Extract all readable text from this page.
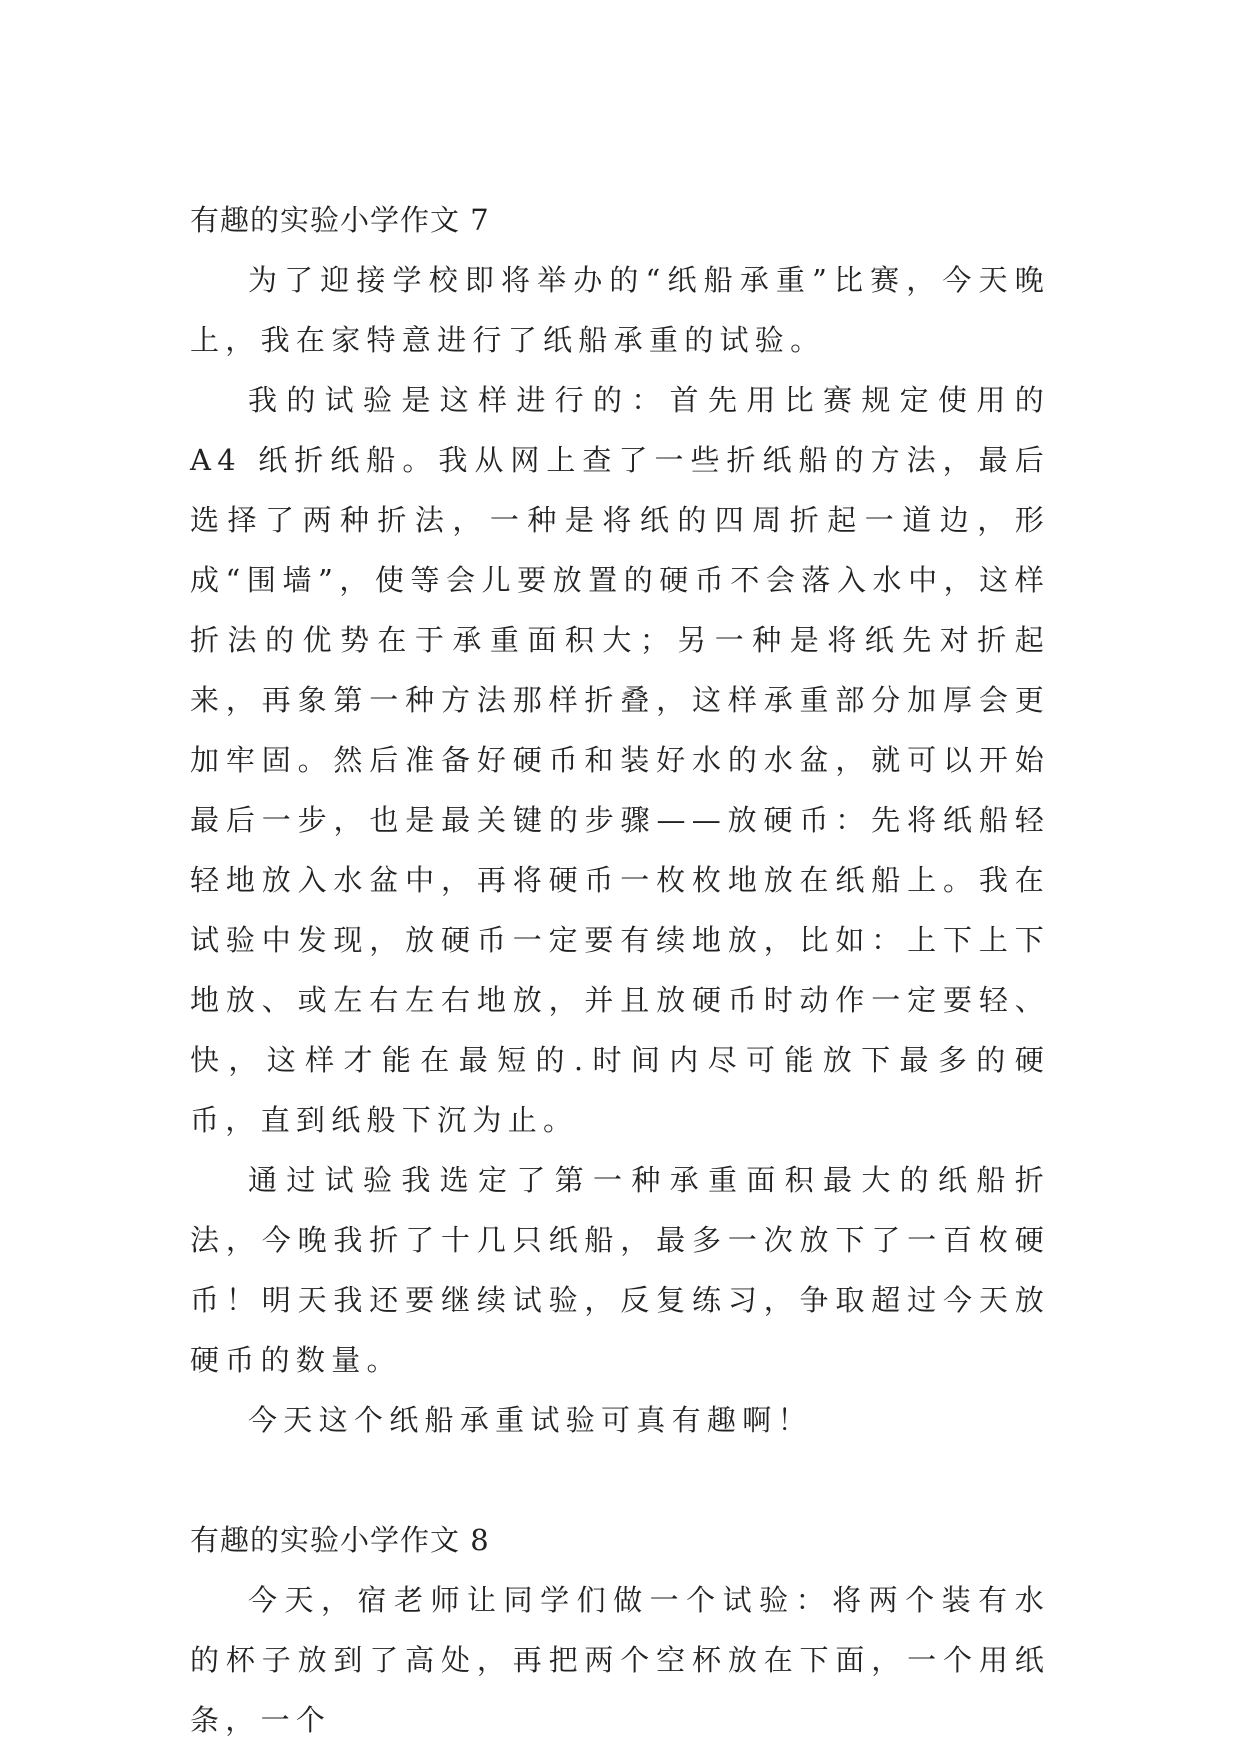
有趣的实验小学作文 7

为了迎接学校即将举办的“纸船承重”比赛，今天晚上，我在家特意进行了纸船承重的试验。

我的试验是这样进行的：首先用比赛规定使用的 A4 纸折纸船。我从网上查了一些折纸船的方法，最后选择了两种折法，一种是将纸的四周折起一道边，形成“围墙”，使等会儿要放置的硬币不会落入水中，这样折法的优势在于承重面积大；另一种是将纸先对折起来，再象第一种方法那样折叠，这样承重部分加厚会更加牢固。然后准备好硬币和装好水的水盆，就可以开始最后一步，也是最关键的步骤——放硬币：先将纸船轻轻地放入水盆中，再将硬币一枚枚地放在纸船上。我在试验中发现，放硬币一定要有续地放，比如：上下上下地放、或左右左右地放，并且放硬币时动作一定要轻、快，这样才能在最短的.时间内尽可能放下最多的硬币，直到纸般下沉为止。

通过试验我选定了第一种承重面积最大的纸船折法，今晚我折了十几只纸船，最多一次放下了一百枚硬币！明天我还要继续试验，反复练习，争取超过今天放硬币的数量。

今天这个纸船承重试验可真有趣啊！

有趣的实验小学作文 8

今天，宿老师让同学们做一个试验：将两个装有水的杯子放到了高处，再把两个空杯放在下面，一个用纸条，一个
